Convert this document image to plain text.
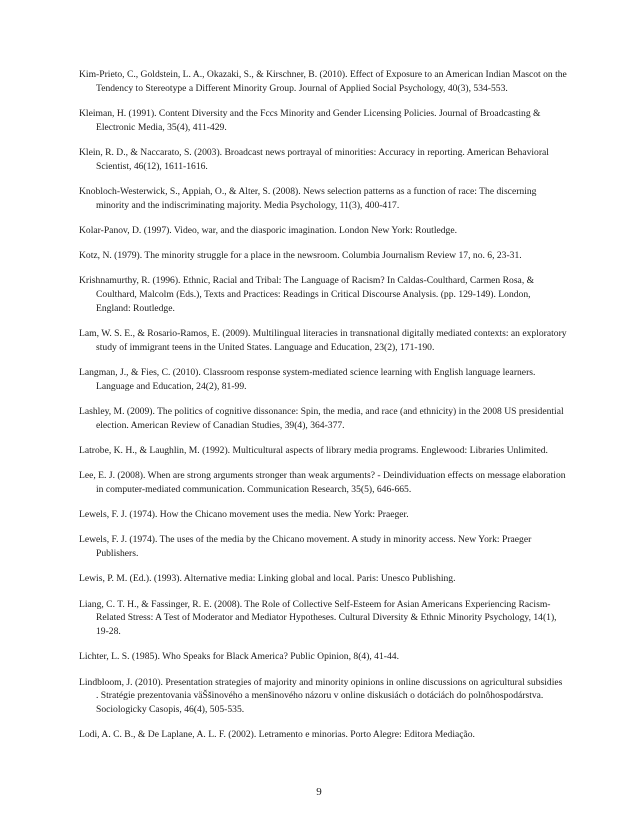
Kim-Prieto, C., Goldstein, L. A., Okazaki, S., & Kirschner, B. (2010). Effect of Exposure to an American Indian Mascot on the Tendency to Stereotype a Different Minority Group. Journal of Applied Social Psychology, 40(3), 534-553.

Kleiman, H. (1991). Content Diversity and the Fccs Minority and Gender Licensing Policies. Journal of Broadcasting & Electronic Media, 35(4), 411-429.

Klein, R. D., & Naccarato, S. (2003). Broadcast news portrayal of minorities: Accuracy in reporting. American Behavioral Scientist, 46(12), 1611-1616.

Knobloch-Westerwick, S., Appiah, O., & Alter, S. (2008). News selection patterns as a function of race: The discerning minority and the indiscriminating majority. Media Psychology, 11(3), 400-417.

Kolar-Panov, D. (1997). Video, war, and the diasporic imagination. London New York: Routledge.

Kotz, N. (1979). The minority struggle for a place in the newsroom. Columbia Journalism Review 17, no. 6, 23-31.

Krishnamurthy, R. (1996). Ethnic, Racial and Tribal: The Language of Racism? In Caldas-Coulthard, Carmen Rosa, & Coulthard, Malcolm (Eds.), Texts and Practices: Readings in Critical Discourse Analysis. (pp. 129-149). London, England: Routledge.

Lam, W. S. E., & Rosario-Ramos, E. (2009). Multilingual literacies in transnational digitally mediated contexts: an exploratory study of immigrant teens in the United States. Language and Education, 23(2), 171-190.

Langman, J., & Fies, C. (2010). Classroom response system-mediated science learning with English language learners. Language and Education, 24(2), 81-99.

Lashley, M. (2009). The politics of cognitive dissonance: Spin, the media, and race (and ethnicity) in the 2008 US presidential election. American Review of Canadian Studies, 39(4), 364-377.

Latrobe, K. H., & Laughlin, M. (1992). Multicultural aspects of library media programs. Englewood: Libraries Unlimited.

Lee, E. J. (2008). When are strong arguments stronger than weak arguments? - Deindividuation effects on message elaboration in computer-mediated communication. Communication Research, 35(5), 646-665.

Lewels, F. J. (1974). How the Chicano movement uses the media. New York: Praeger.

Lewels, F. J. (1974). The uses of the media by the Chicano movement. A study in minority access. New York: Praeger Publishers.

Lewis, P. M. (Ed.). (1993). Alternative media: Linking global and local. Paris: Unesco Publishing.

Liang, C. T. H., & Fassinger, R. E. (2008). The Role of Collective Self-Esteem for Asian Americans Experiencing Racism-Related Stress: A Test of Moderator and Mediator Hypotheses. Cultural Diversity & Ethnic Minority Psychology, 14(1), 19-28.

Lichter, L. S. (1985). Who Speaks for Black America? Public Opinion, 8(4), 41-44.

Lindbloom, J. (2010). Presentation strategies of majority and minority opinions in online discussions on agricultural subsidies . Stratégie prezentovania väŠšinového a menšinového názoru v online diskusiách o dotáciách do polnôhospodárstva. Sociologicky Casopis, 46(4), 505-535.

Lodi, A. C. B., & De Laplane, A. L. F. (2002). Letramento e minorias. Porto Alegre: Editora Mediação.

9
